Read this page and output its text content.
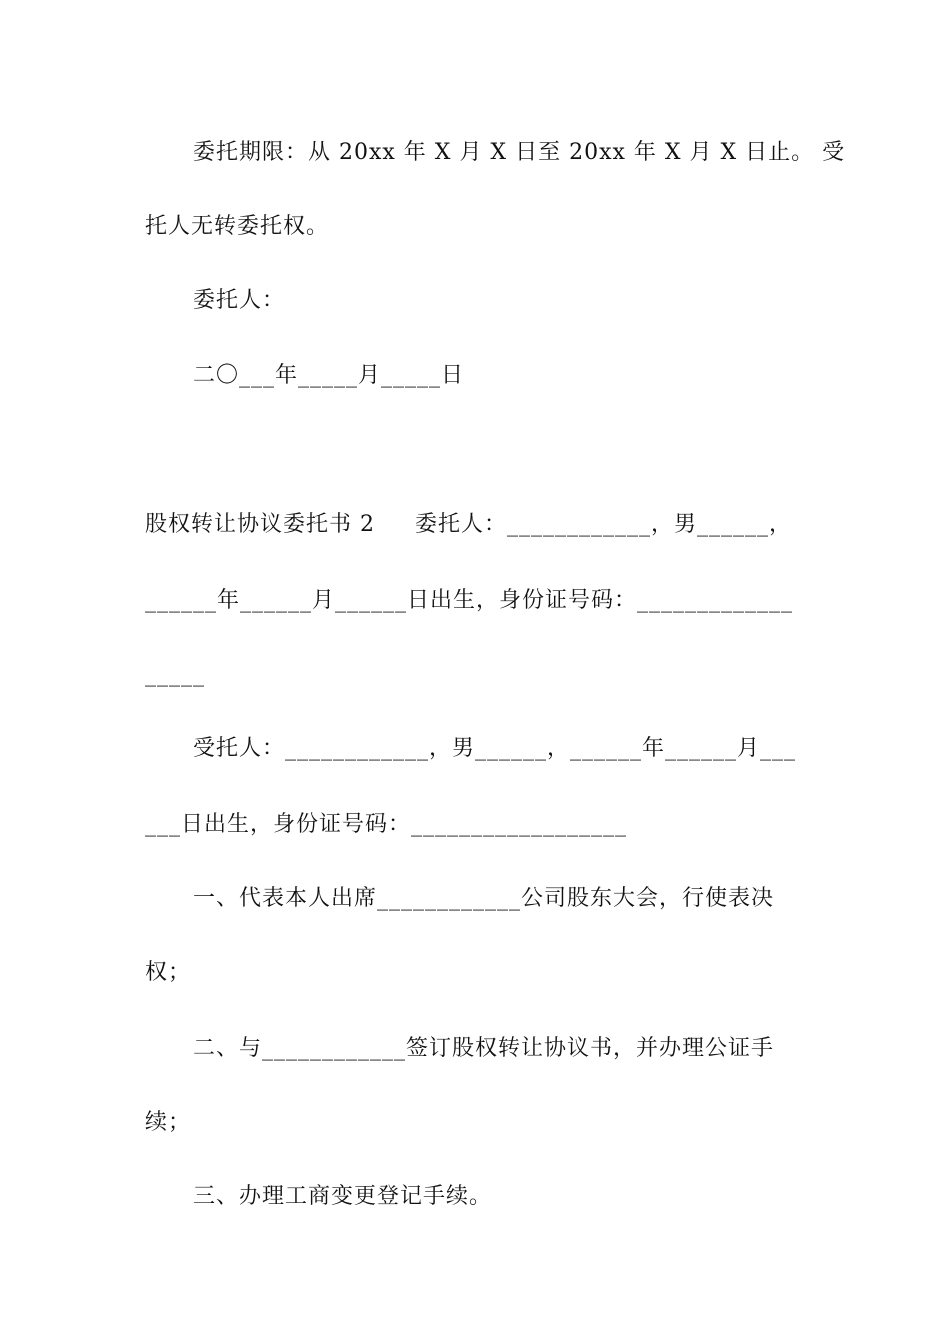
委托期限：从 20xx 年 X 月 X 日至 20xx 年 X 月 X 日止。 受
托人无转委托权。
委托人：
二〇___年_____月_____日
股权转让协议委托书 2     委托人：____________，男______，
______年______月______日出生，身份证号码：_____________
_____
受托人：____________，男______，______年______月___
___日出生，身份证号码：__________________
一、代表本人出席____________公司股东大会，行使表决
权；
二、与____________签订股权转让协议书，并办理公证手
续；
三、办理工商变更登记手续。
